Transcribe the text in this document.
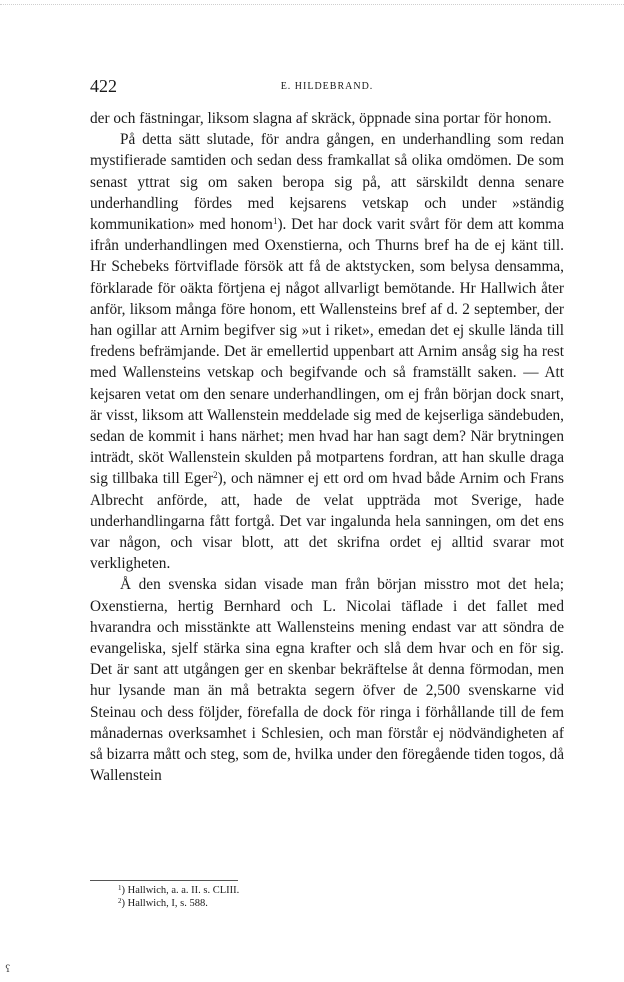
422	E. HILDEBRAND.

der och fästningar, liksom slagna af skräck, öppnade sina portar för honom.

På detta sätt slutade, för andra gången, en underhandling som redan mystifierade samtiden och sedan dess framkallat så olika omdömen. De som senast yttrat sig om saken beropa sig på, att särskildt denna senare underhandling fördes med kejsarens vetskap och under »ständig kommunikation» med honom$^1$). Det har dock varit svårt för dem att komma ifrån underhandlingen med Oxenstierna, och Thurns bref ha de ej känt till. Hr Schebeks förtviflade försök att få de aktstycken, som belysa densamma, förklarade för oäkta förtjena ej något allvarligt bemötande. Hr Hallwich åter anför, liksom många före honom, ett Wallensteins bref af d. 2 september, der han ogillar att Arnim begifver sig »ut i riket», emedan det ej skulle lända till fredens befrämjande. Det är emellertid uppenbart att Arnim ansåg sig ha rest med Wallensteins vetskap och begifvande och så framställt saken. — Att kejsaren vetat om den senare underhandlingen, om ej från början dock snart, är visst, liksom att Wallenstein meddelade sig med de kejserliga sändebuden, sedan de kommit i hans närhet; men hvad har han sagt dem? När brytningen inträdt, sköt Wallenstein skulden på motpartens fordran, att han skulle draga sig tillbaka till Eger$^2$), och nämner ej ett ord om hvad både Arnim och Frans Albrecht anförde, att, hade de velat uppträda mot Sverige, hade underhandlingarna fått fortgå. Det var ingalunda hela sanningen, om det ens var någon, och visar blott, att det skrifna ordet ej alltid svarar mot verkligheten.

Å den svenska sidan visade man från början misstro mot det hela; Oxenstierna, hertig Bernhard och L. Nicolai täflade i det fallet med hvarandra och misstänkte att Wallensteins mening endast var att söndra de evangeliska, sjelf stärka sina egna krafter och slå dem hvar och en för sig. Det är sant att utgången ger en skenbar bekräftelse åt denna förmodan, men hur lysande man än må betrakta segern öfver de 2,500 svenskarne vid Steinau och dess följder, förefalla de dock för ringa i förhållande till de fem månadernas overksamhet i Schlesien, och man förstår ej nödvändigheten af så bizarra mått och steg, som de, hvilka under den föregående tiden togos, då Wallenstein

$^1$) Hallwich, a. a. II. s. CLIII.
$^2$) Hallwich, I, s. 588.
ʕ
